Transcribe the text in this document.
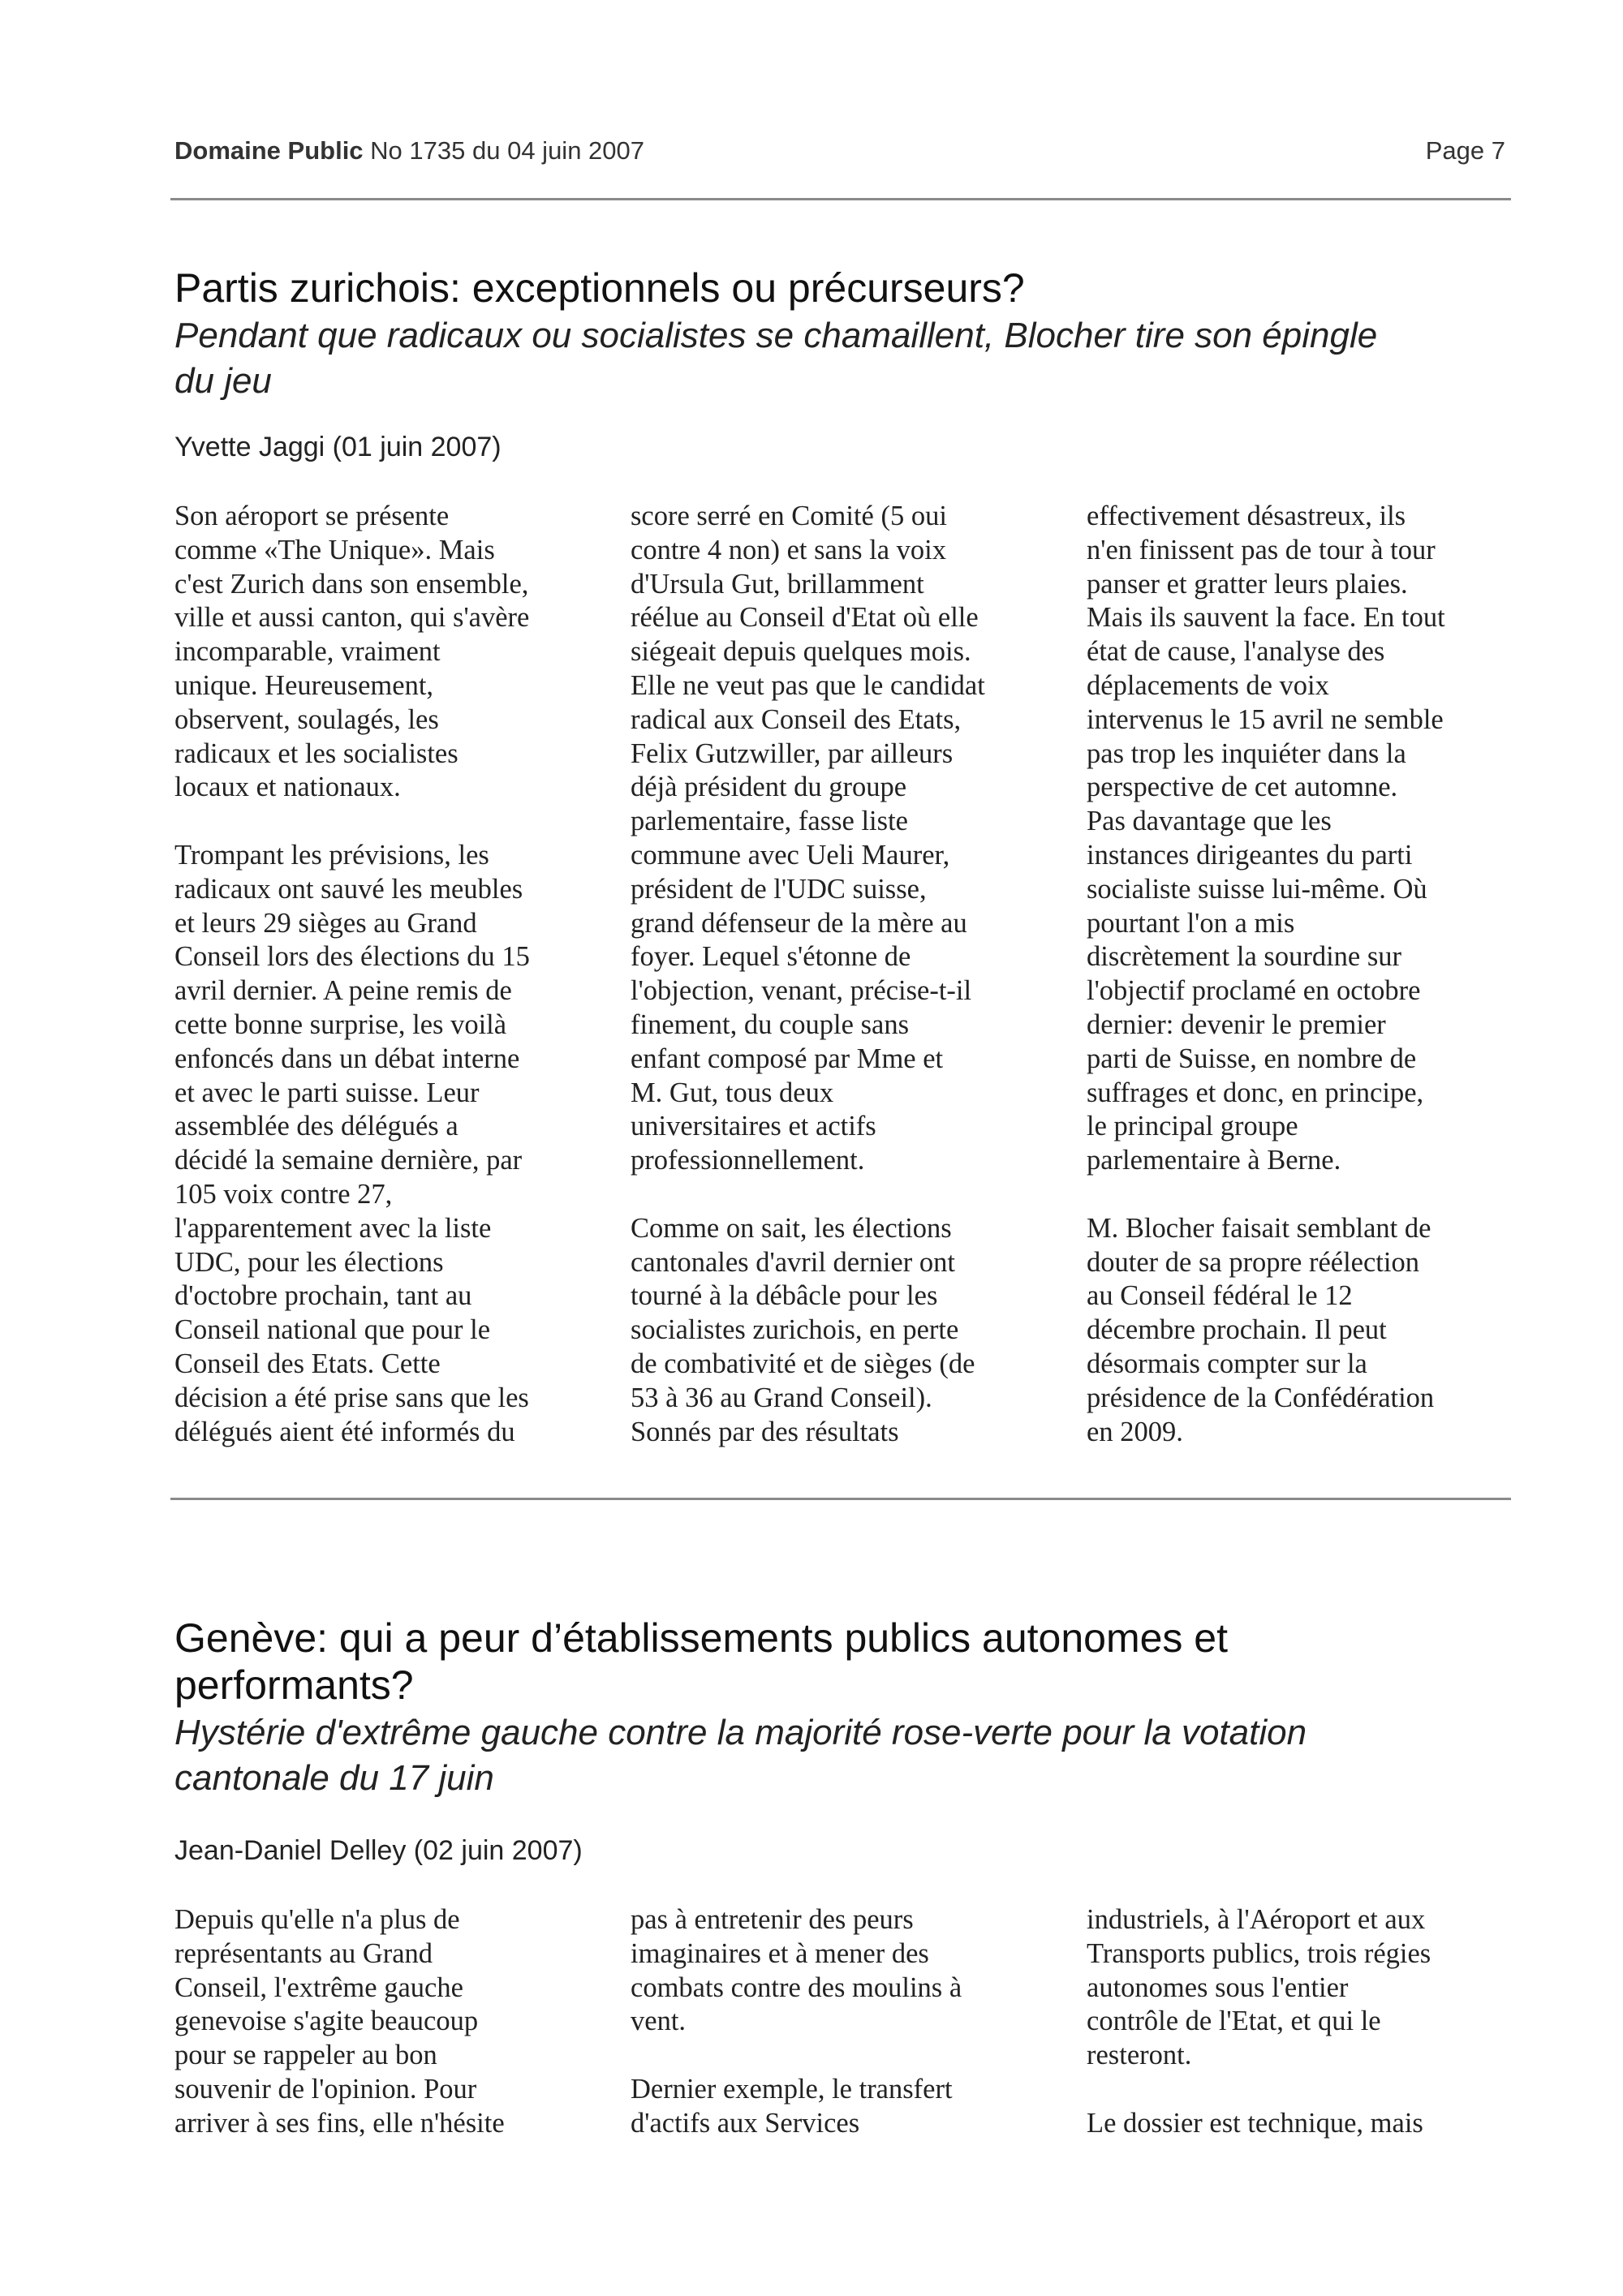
Domaine Public No 1735 du 04 juin 2007	Page 7
Partis zurichois: exceptionnels ou précurseurs?

Pendant que radicaux ou socialistes se chamaillent, Blocher tire son épingle
du jeu

Yvette Jaggi (01 juin 2007)

Son aéroport se présente
comme «The Unique». Mais
c'est Zurich dans son ensemble,
ville et aussi canton, qui s'avère
incomparable, vraiment
unique. Heureusement,
observent, soulagés, les
radicaux et les socialistes
locaux et nationaux.

Trompant les prévisions, les
radicaux ont sauvé les meubles
et leurs 29 sièges au Grand
Conseil lors des élections du 15
avril dernier. A peine remis de
cette bonne surprise, les voilà
enfoncés dans un débat interne
et avec le parti suisse. Leur
assemblée des délégués a
décidé la semaine dernière, par
105 voix contre 27,
l'apparentement avec la liste
UDC, pour les élections
d'octobre prochain, tant au
Conseil national que pour le
Conseil des Etats. Cette
décision a été prise sans que les
délégués aient été informés du

score serré en Comité (5 oui
contre 4 non) et sans la voix
d'Ursula Gut, brillamment
réélue au Conseil d'Etat où elle
siégeait depuis quelques mois.
Elle ne veut pas que le candidat
radical aux Conseil des Etats,
Felix Gutzwiller, par ailleurs
déjà président du groupe
parlementaire, fasse liste
commune avec Ueli Maurer,
président de l'UDC suisse,
grand défenseur de la mère au
foyer. Lequel s'étonne de
l'objection, venant, précise-t-il
finement, du couple sans
enfant composé par Mme et
M. Gut, tous deux
universitaires et actifs
professionnellement.

Comme on sait, les élections
cantonales d'avril dernier ont
tourné à la débâcle pour les
socialistes zurichois, en perte
de combativité et de sièges (de
53 à 36 au Grand Conseil).
Sonnés par des résultats

effectivement désastreux, ils
n'en finissent pas de tour à tour
panser et gratter leurs plaies.
Mais ils sauvent la face. En tout
état de cause, l'analyse des
déplacements de voix
intervenus le 15 avril ne semble
pas trop les inquiéter dans la
perspective de cet automne.
Pas davantage que les
instances dirigeantes du parti
socialiste suisse lui-même. Où
pourtant l'on a mis
discrètement la sourdine sur
l'objectif proclamé en octobre
dernier: devenir le premier
parti de Suisse, en nombre de
suffrages et donc, en principe,
le principal groupe
parlementaire à Berne.

M. Blocher faisait semblant de
douter de sa propre réélection
au Conseil fédéral le 12
décembre prochain. Il peut
désormais compter sur la
présidence de la Confédération
en 2009.

Genève: qui a peur d’établissements publics autonomes et
performants?

Hystérie d'extrême gauche contre la majorité rose-verte pour la votation
cantonale du 17 juin

Jean-Daniel Delley (02 juin 2007)

Depuis qu'elle n'a plus de
représentants au Grand
Conseil, l'extrême gauche
genevoise s'agite beaucoup
pour se rappeler au bon
souvenir de l'opinion. Pour
arriver à ses fins, elle n'hésite

pas à entretenir des peurs
imaginaires et à mener des
combats contre des moulins à
vent.

Dernier exemple, le transfert
d'actifs aux Services

industriels, à l'Aéroport et aux
Transports publics, trois régies
autonomes sous l'entier
contrôle de l'Etat, et qui le
resteront.

Le dossier est technique, mais
